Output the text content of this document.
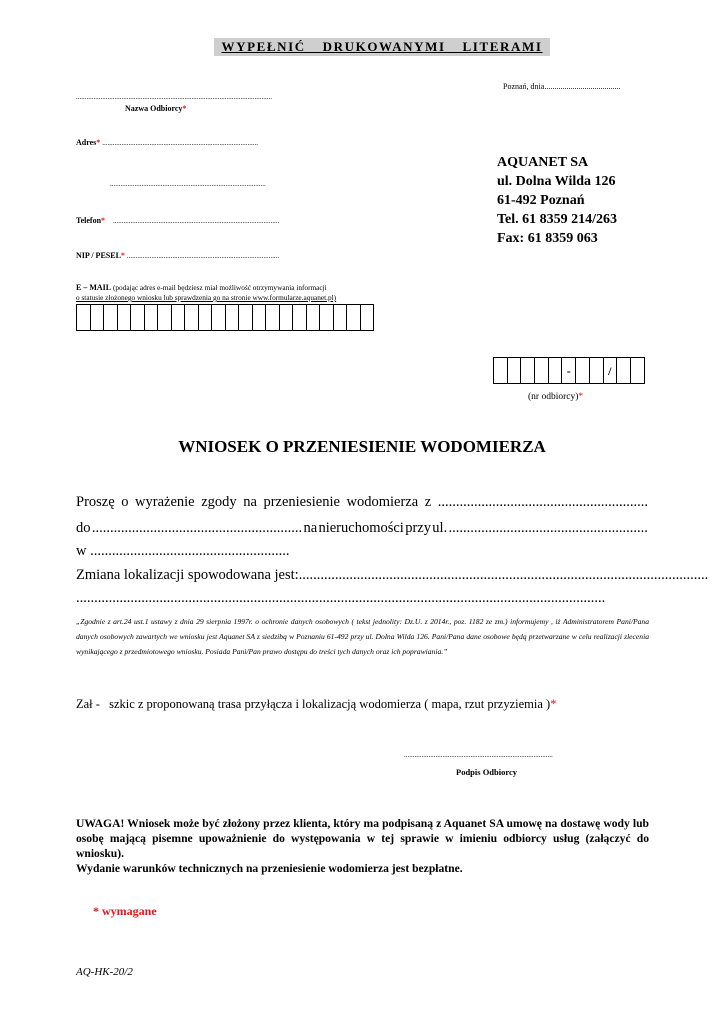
WYPEŁNIĆ DRUKOWANYMI LITERAMI
Poznań, dnia......................................
................................................................................................................
Nazwa Odbiorcy*
Adres* .........................................................................................
.........................................................................................
Telefon* ...............................................................................................
NIP / PESEL* .......................................................................................
E – MAIL (podając adres e-mail będziesz miał możliwość otrzymywania informacji
o statusie złożonego wniosku lub sprawdzenia go na stronie www.formularze.aquanet.pl)
AQUANET SA
ul. Dolna Wilda 126
61-492 Poznań
Tel. 61 8359 214/263
Fax: 61 8359 063
-	/
(nr odbiorcy)*
WNIOSEK O PRZENIESIENIE WODOMIERZA
Proszę o wyrażenie zgody na przeniesienie wodomierza z ..........................................................
do .......................................................... na nieruchomości przy ul. .......................................................
w .......................................................
Zmiana lokalizacji spowodowana jest:.................................................................................................................
..................................................................................................................................................
„Zgodnie z art.24 ust.1 ustawy z dnia 29 sierpnia 1997r. o ochronie danych osobowych ( tekst jednolity: Dz.U. z 2014r., poz. 1182 ze zm.) informujemy , iż Administratorem Pani/Pana danych osobowych zawartych we wniosku jest Aquanet SA z siedzibą w Poznaniu 61-492 przy ul. Dolna Wilda 126. Pani/Pana dane osobowe będą przetwarzane w celu realizacji zlecenia wynikającego z przedmiotowego wniosku. Posiada Pani/Pan prawo dostępu do treści tych danych oraz ich poprawiania.”
Zał - szkic z proponowaną trasa przyłącza i lokalizacją wodomierza ( mapa, rzut przyziemia )*
.....................................................................................
Podpis Odbiorcy
UWAGA! Wniosek może być złożony przez klienta, który ma podpisaną z Aquanet SA umowę na dostawę wody lub osobę mającą pisemne upoważnienie do występowania w tej sprawie w imieniu odbiorcy usług (załączyć do wniosku).
Wydanie warunków technicznych na przeniesienie wodomierza jest bezpłatne.
* wymagane
AQ-HK-20/2
